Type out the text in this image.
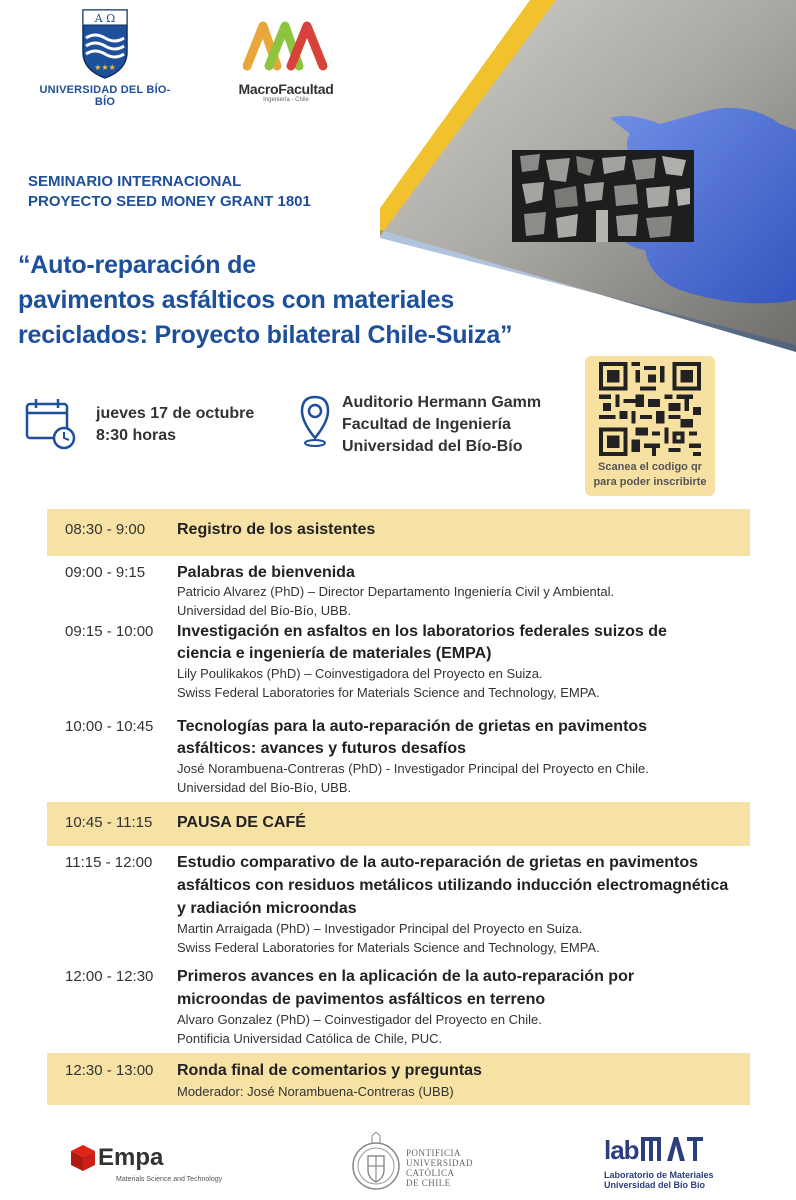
Α Ω
★★★
UNIVERSIDAD DEL BÍO-BÍO
MacroFacultad
Ingeniería - Chile
SEMINARIO INTERNACIONAL
PROYECTO SEED MONEY GRANT 1801
“Auto-reparación de
pavimentos asfálticos con materiales
reciclados: Proyecto bilateral Chile-Suiza”
jueves 17 de octubre
8:30 horas
Auditorio Hermann Gamm
Facultad de Ingeniería
Universidad del Bío-Bío
Scanea el codigo qr
para poder inscribirte
08:30 - 9:00 Registro de los asistentes
09:00 - 9:15 Palabras de bienvenida
Patricio Alvarez (PhD) – Director Departamento Ingeniería Civil y Ambiental.
Universidad del Bío-Bío, UBB.
09:15 - 10:00 Investigación en asfaltos en los laboratorios federales suizos de
ciencia e ingeniería de materiales (EMPA)
Lily Poulikakos (PhD) – Coinvestigadora del Proyecto en Suiza.
Swiss Federal Laboratories for Materials Science and Technology, EMPA.
10:00 - 10:45 Tecnologías para la auto-reparación de grietas en pavimentos
asfálticos: avances y futuros desafíos
José Norambuena-Contreras (PhD) - Investigador Principal del Proyecto en Chile.
Universidad del Bío-Bío, UBB.
10:45 - 11:15 PAUSA DE CAFÉ
11:15 - 12:00 Estudio comparativo de la auto-reparación de grietas en pavimentos
asfálticos con residuos metálicos utilizando inducción electromagnética
y radiación microondas
Martin Arraigada (PhD) – Investigador Principal del Proyecto en Suiza.
Swiss Federal Laboratories for Materials Science and Technology, EMPA.
12:00 - 12:30 Primeros avances en la aplicación de la auto-reparación por
microondas de pavimentos asfálticos en terreno
Alvaro Gonzalez (PhD) – Coinvestigador del Proyecto en Chile.
Pontificia Universidad Católica de Chile, PUC.
12:30 - 13:00 Ronda final de comentarios y preguntas
Moderador: José Norambuena-Contreras (UBB)
Empa
Materials Science and Technology
PONTIFICIA
UNIVERSIDAD
CATÓLICA
DE CHILE
lab
Laboratorio de Materiales
Universidad del Bío Bío
